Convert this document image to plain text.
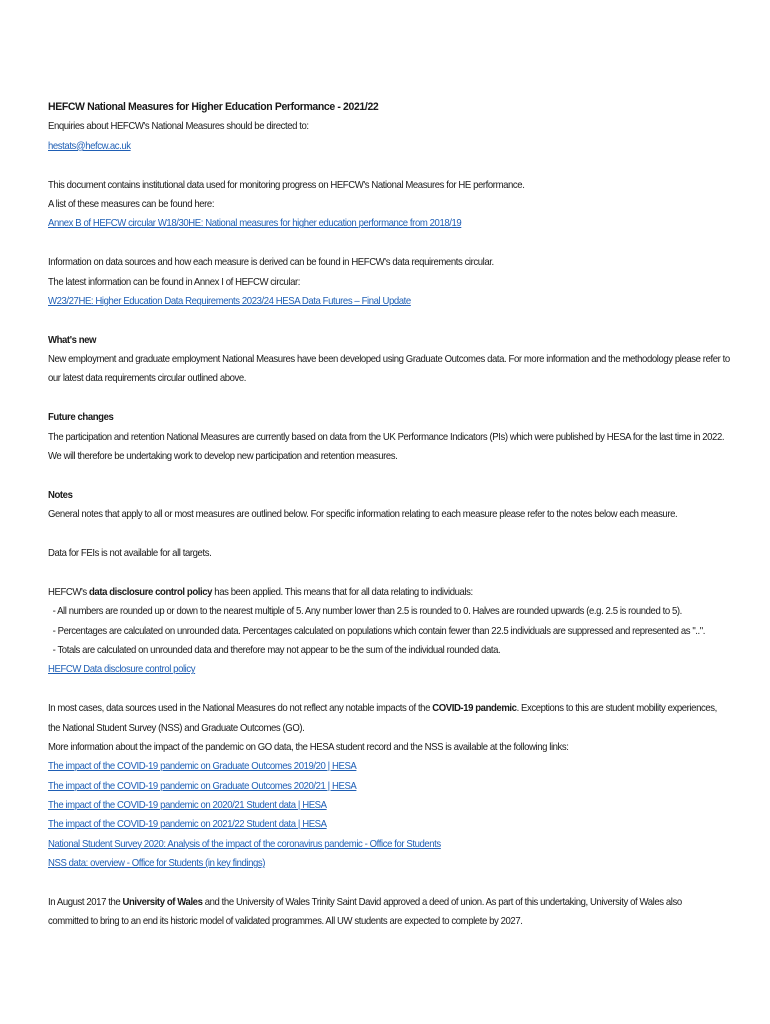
HEFCW National Measures for Higher Education Performance - 2021/22
Enquiries about HEFCW's National Measures should be directed to:
hestats@hefcw.ac.uk
This document contains institutional data used for monitoring progress on HEFCW's National Measures for HE performance.
A list of these measures can be found here:
Annex B of HEFCW circular W18/30HE: National measures for higher education performance from 2018/19
Information on data sources and how each measure is derived can be found in HEFCW's data requirements circular.
The latest information can be found in Annex I of HEFCW circular:
W23/27HE: Higher Education Data Requirements 2023/24 HESA Data Futures – Final Update
What's new
New employment and graduate employment National Measures have been developed using Graduate Outcomes data. For more information and the methodology please refer to
our latest data requirements circular outlined above.
Future changes
The participation and retention National Measures are currently based on data from the UK Performance Indicators (PIs) which were published by HESA for the last time in 2022.
We will therefore be undertaking work to develop new participation and retention measures.
Notes
General notes that apply to all or most measures are outlined below. For specific information relating to each measure please refer to the notes below each measure.
Data for FEIs is not available for all targets.
HEFCW's data disclosure control policy has been applied. This means that for all data relating to individuals:
- All numbers are rounded up or down to the nearest multiple of 5. Any number lower than 2.5 is rounded to 0. Halves are rounded upwards (e.g. 2.5 is rounded to 5).
- Percentages are calculated on unrounded data. Percentages calculated on populations which contain fewer than 22.5 individuals are suppressed and represented as "..".
- Totals are calculated on unrounded data and therefore may not appear to be the sum of the individual rounded data.
HEFCW Data disclosure control policy
In most cases, data sources used in the National Measures do not reflect any notable impacts of the COVID-19 pandemic. Exceptions to this are student mobility experiences,
the National Student Survey (NSS) and Graduate Outcomes (GO).
More information about the impact of the pandemic on GO data, the HESA student record and the NSS is available at the following links:
The impact of the COVID-19 pandemic on Graduate Outcomes 2019/20 | HESA
The impact of the COVID-19 pandemic on Graduate Outcomes 2020/21 | HESA
The impact of the COVID-19 pandemic on 2020/21 Student data | HESA
The impact of the COVID-19 pandemic on 2021/22 Student data | HESA
National Student Survey 2020: Analysis of the impact of the coronavirus pandemic - Office for Students
NSS data: overview - Office for Students (in key findings)
In August 2017 the University of Wales and the University of Wales Trinity Saint David approved a deed of union. As part of this undertaking, University of Wales also
committed to bring to an end its historic model of validated programmes. All UW students are expected to complete by 2027.
